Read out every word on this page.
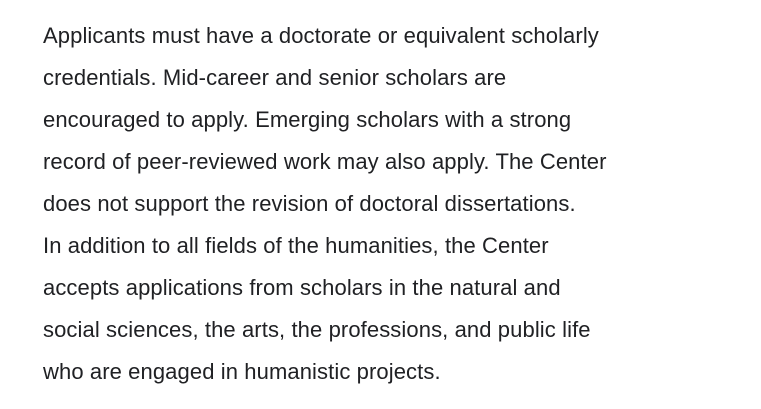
Applicants must have a doctorate or equivalent scholarly
credentials. Mid-career and senior scholars are
encouraged to apply. Emerging scholars with a strong
record of peer-reviewed work may also apply. The Center
does not support the revision of doctoral dissertations.
In addition to all fields of the humanities, the Center
accepts applications from scholars in the natural and
social sciences, the arts, the professions, and public life
who are engaged in humanistic projects.
